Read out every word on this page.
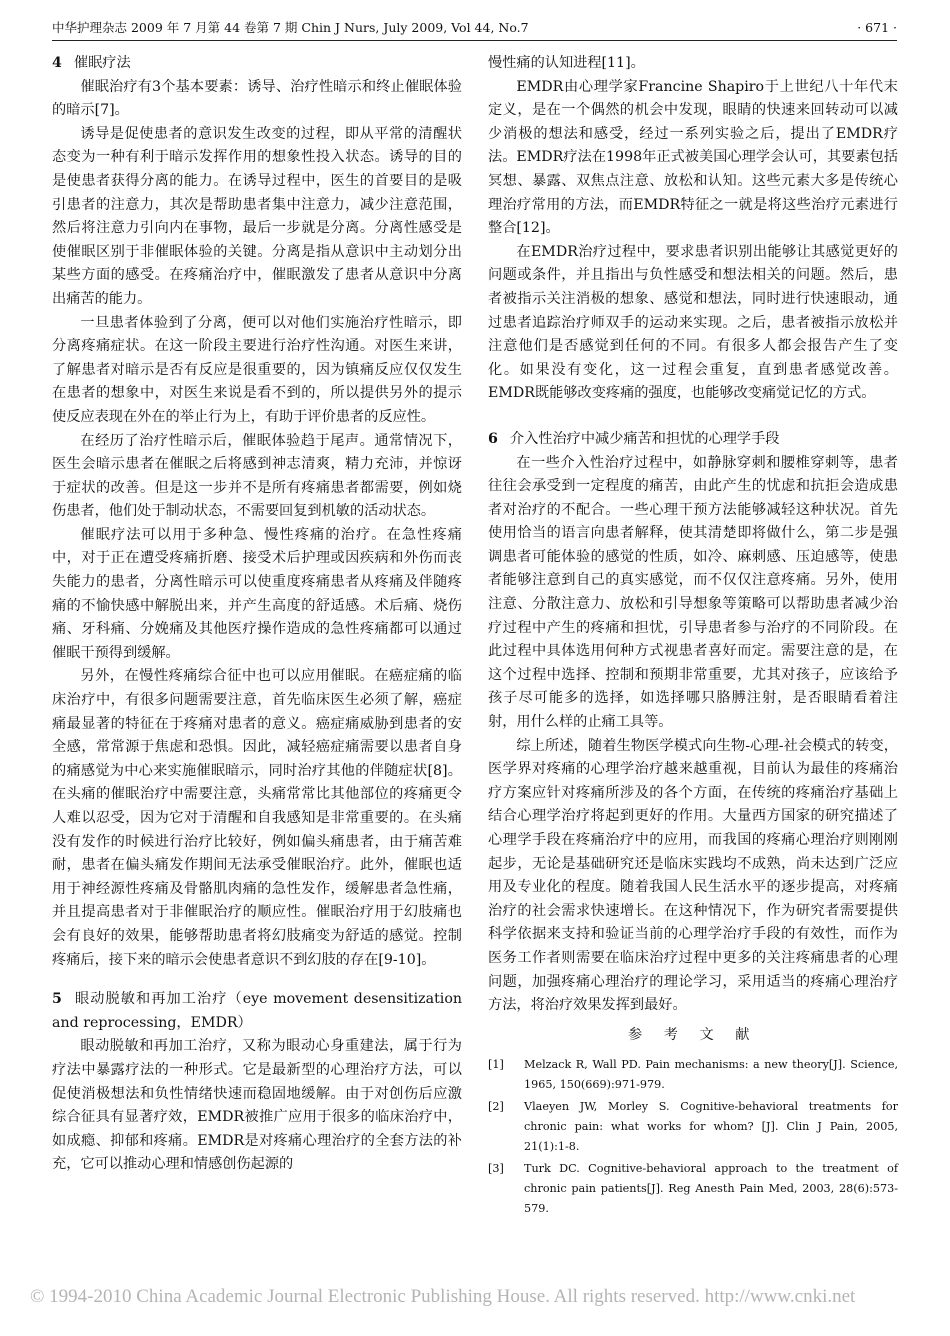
中华护理杂志 2009 年 7 月第 44 卷第 7 期 Chin J Nurs, July 2009, Vol 44, No.7	· 671 ·
4 催眠疗法

催眠治疗有3个基本要素：诱导、治疗性暗示和终止催眠体验的暗示[7]。

诱导是促使患者的意识发生改变的过程，即从平常的清醒状态变为一种有利于暗示发挥作用的想象性投入状态。诱导的目的是使患者获得分离的能力。在诱导过程中，医生的首要目的是吸引患者的注意力，其次是帮助患者集中注意力，减少注意范围，然后将注意力引向内在事物，最后一步就是分离。分离性感受是使催眠区别于非催眠体验的关键。分离是指从意识中主动划分出某些方面的感受。在疼痛治疗中，催眠激发了患者从意识中分离出痛苦的能力。

一旦患者体验到了分离，便可以对他们实施治疗性暗示，即分离疼痛症状。在这一阶段主要进行治疗性沟通。对医生来讲，了解患者对暗示是否有反应是很重要的，因为镇痛反应仅仅发生在患者的想象中，对医生来说是看不到的，所以提供另外的提示使反应表现在外在的举止行为上，有助于评价患者的反应性。

在经历了治疗性暗示后，催眠体验趋于尾声。通常情况下，医生会暗示患者在催眠之后将感到神志清爽，精力充沛，并惊讶于症状的改善。但是这一步并不是所有疼痛患者都需要，例如烧伤患者，他们处于制动状态，不需要回复到机敏的活动状态。

催眠疗法可以用于多种急、慢性疼痛的治疗。在急性疼痛中，对于正在遭受疼痛折磨、接受术后护理或因疾病和外伤而丧失能力的患者，分离性暗示可以使重度疼痛患者从疼痛及伴随疼痛的不愉快感中解脱出来，并产生高度的舒适感。术后痛、烧伤痛、牙科痛、分娩痛及其他医疗操作造成的急性疼痛都可以通过催眠干预得到缓解。

另外，在慢性疼痛综合征中也可以应用催眠。在癌症痛的临床治疗中，有很多问题需要注意，首先临床医生必须了解，癌症痛最显著的特征在于疼痛对患者的意义。癌症痛威胁到患者的安全感，常常源于焦虑和恐惧。因此，减轻癌症痛需要以患者自身的痛感觉为中心来实施催眠暗示，同时治疗其他的伴随症状[8]。在头痛的催眠治疗中需要注意，头痛常常比其他部位的疼痛更令人难以忍受，因为它对于清醒和自我感知是非常重要的。在头痛没有发作的时候进行治疗比较好，例如偏头痛患者，由于痛苦难耐，患者在偏头痛发作期间无法承受催眠治疗。此外，催眠也适用于神经源性疼痛及骨骼肌肉痛的急性发作，缓解患者急性痛，并且提高患者对于非催眠治疗的顺应性。催眠治疗用于幻肢痛也会有良好的效果，能够帮助患者将幻肢痛变为舒适的感觉。控制疼痛后，接下来的暗示会使患者意识不到幻肢的存在[9-10]。

5 眼动脱敏和再加工治疗（eye movement desensitization and reprocessing，EMDR）

眼动脱敏和再加工治疗，又称为眼动心身重建法，属于行为疗法中暴露疗法的一种形式。它是最新型的心理治疗方法，可以促使消极想法和负性情绪快速而稳固地缓解。由于对创伤后应激综合征具有显著疗效，EMDR被推广应用于很多的临床治疗中，如成瘾、抑郁和疼痛。EMDR是对疼痛心理治疗的全套方法的补充，它可以推动心理和情感创伤起源的

慢性痛的认知进程[11]。

EMDR由心理学家Francine Shapiro于上世纪八十年代末定义，是在一个偶然的机会中发现，眼睛的快速来回转动可以减少消极的想法和感受，经过一系列实验之后，提出了EMDR疗法。EMDR疗法在1998年正式被美国心理学会认可，其要素包括冥想、暴露、双焦点注意、放松和认知。这些元素大多是传统心理治疗常用的方法，而EMDR特征之一就是将这些治疗元素进行整合[12]。

在EMDR治疗过程中，要求患者识别出能够让其感觉更好的问题或条件，并且指出与负性感受和想法相关的问题。然后，患者被指示关注消极的想象、感觉和想法，同时进行快速眼动，通过患者追踪治疗师双手的运动来实现。之后，患者被指示放松并注意他们是否感觉到任何的不同。有很多人都会报告产生了变化。如果没有变化，这一过程会重复，直到患者感觉改善。EMDR既能够改变疼痛的强度，也能够改变痛觉记忆的方式。

6 介入性治疗中减少痛苦和担忧的心理学手段

在一些介入性治疗过程中，如静脉穿刺和腰椎穿刺等，患者往往会承受到一定程度的痛苦，由此产生的忧虑和抗拒会造成患者对治疗的不配合。一些心理干预方法能够减轻这种状况。首先使用恰当的语言向患者解释，使其清楚即将做什么，第二步是强调患者可能体验的感觉的性质，如冷、麻刺感、压迫感等，使患者能够注意到自己的真实感觉，而不仅仅注意疼痛。另外，使用注意、分散注意力、放松和引导想象等策略可以帮助患者减少治疗过程中产生的疼痛和担忧，引导患者参与治疗的不同阶段。在此过程中具体选用何种方式视患者喜好而定。需要注意的是，在这个过程中选择、控制和预期非常重要，尤其对孩子，应该给予孩子尽可能多的选择，如选择哪只胳膊注射，是否眼睛看着注射，用什么样的止痛工具等。

综上所述，随着生物医学模式向生物-心理-社会模式的转变，医学界对疼痛的心理学治疗越来越重视，目前认为最佳的疼痛治疗方案应针对疼痛所涉及的各个方面，在传统的疼痛治疗基础上结合心理学治疗将起到更好的作用。大量西方国家的研究描述了心理学手段在疼痛治疗中的应用，而我国的疼痛心理治疗则刚刚起步，无论是基础研究还是临床实践均不成熟，尚未达到广泛应用及专业化的程度。随着我国人民生活水平的逐步提高，对疼痛治疗的社会需求快速增长。在这种情况下，作为研究者需要提供科学依据来支持和验证当前的心理学治疗手段的有效性，而作为医务工作者则需要在临床治疗过程中更多的关注疼痛患者的心理问题，加强疼痛心理治疗的理论学习，采用适当的疼痛心理治疗方法，将治疗效果发挥到最好。

参 考 文 献
[1]	Melzack R, Wall PD. Pain mechanisms: a new theory[J]. Science, 1965, 150(669):971-979.
[2]	Vlaeyen JW, Morley S. Cognitive-behavioral treatments for chronic pain: what works for whom? [J]. Clin J Pain, 2005, 21(1):1-8.
[3]	Turk DC. Cognitive-behavioral approach to the treatment of chronic pain patients[J]. Reg Anesth Pain Med, 2003, 28(6):573-579.
© 1994-2010 China Academic Journal Electronic Publishing House. All rights reserved. http://www.cnki.net
